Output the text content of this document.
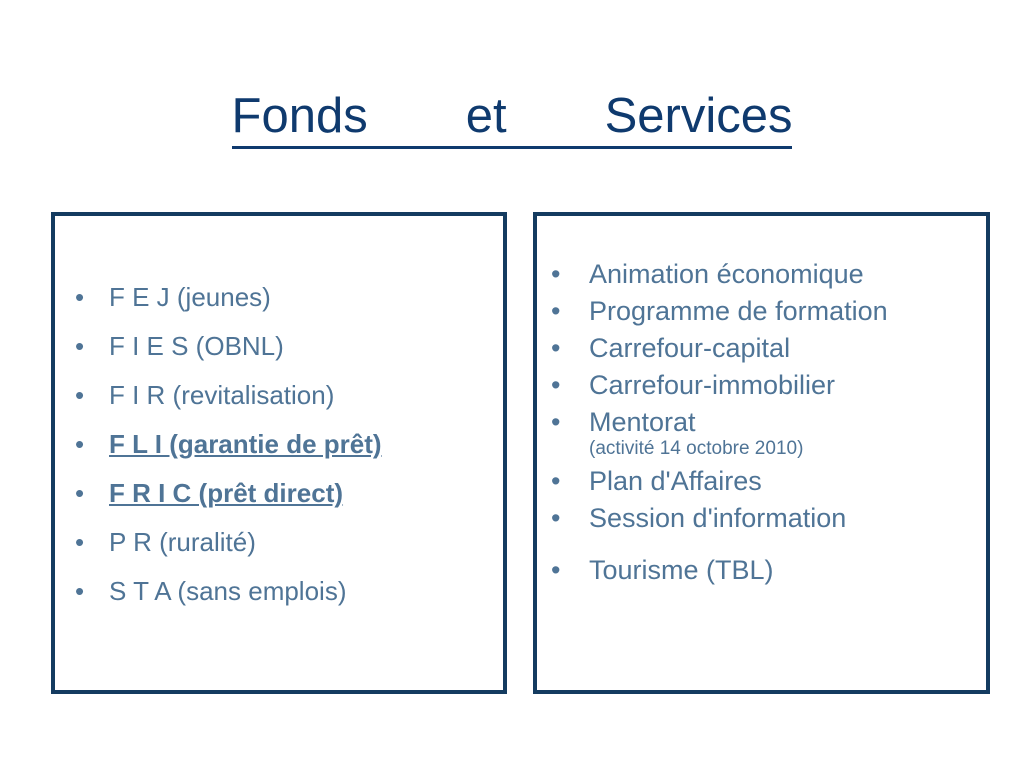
Fonds et Services
• F E J (jeunes)
• F I E S (OBNL)
• F I R (revitalisation)
• F L I (garantie de prêt)
• F R I C (prêt direct)
• P R (ruralité)
• S T A (sans emplois)
•	Animation économique
•	Programme de formation
•	Carrefour-capital
•	Carrefour-immobilier
•	Mentorat
(activité 14 octobre 2010)
•	Plan d'Affaires
•	Session d'information
•	Tourisme (TBL)
